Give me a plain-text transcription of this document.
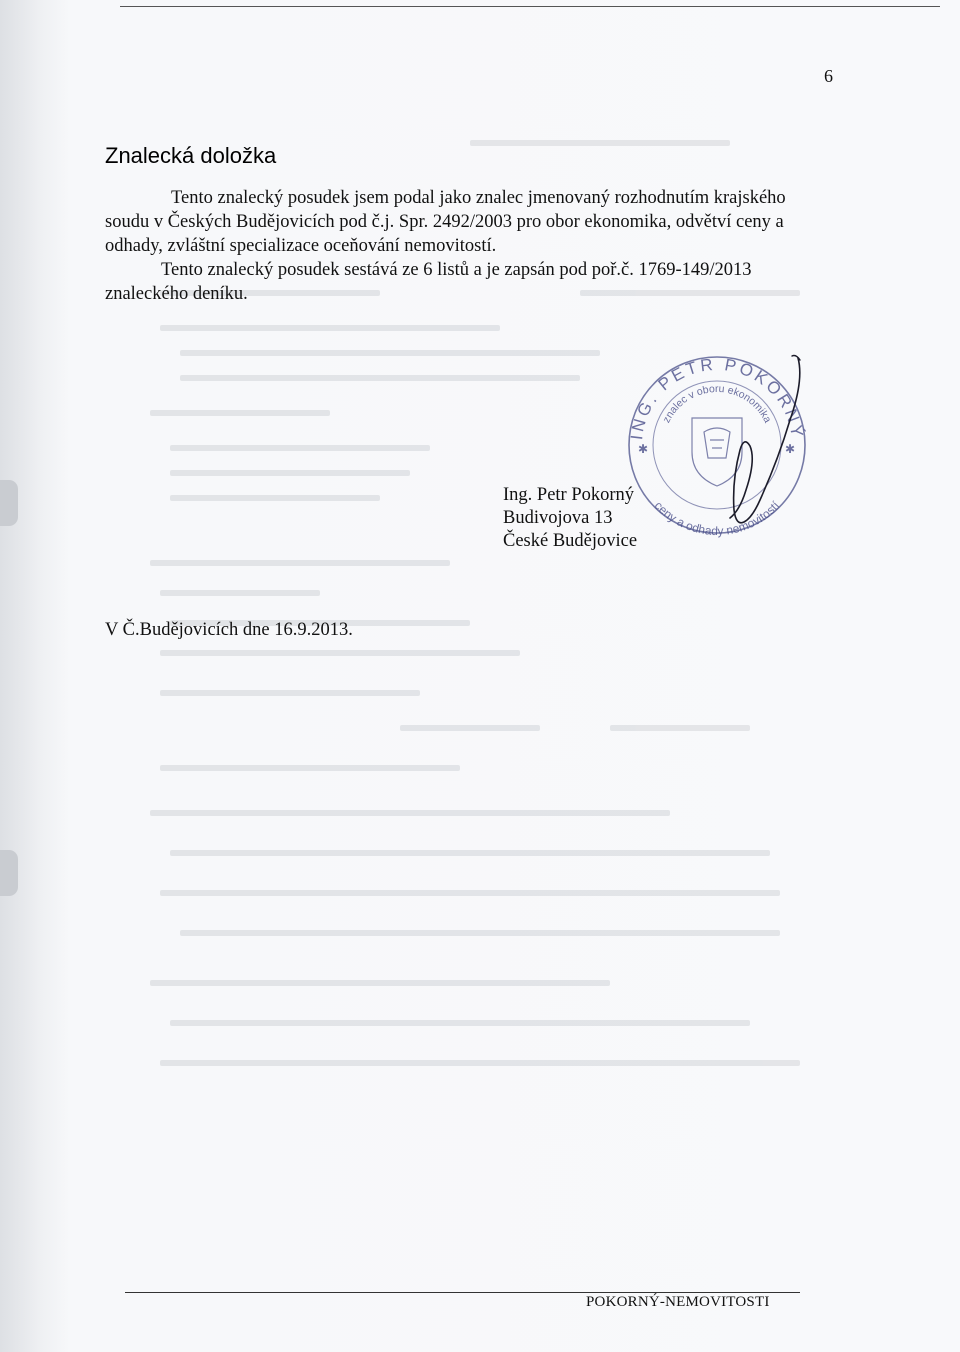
6
Znalecká doložka
Tento znalecký posudek jsem podal jako znalec jmenovaný rozhodnutím krajského
soudu v Českých Budějovicích pod č.j. Spr. 2492/2003 pro obor ekonomika, odvětví ceny a
odhady, zvláštní specializace oceňování nemovitostí.
Tento znalecký posudek sestává ze 6 listů a je zapsán pod poř.č. 1769-149/2013
znaleckého deníku.
ING. PETR POKORNÝ
znalec v oboru ekonomika
ceny a odhady nemovitostí
✱	✱
Ing. Petr Pokorný
Budivojova 13
České Budějovice
V Č.Budějovicích dne 16.9.2013.
POKORNÝ-NEMOVITOSTI
